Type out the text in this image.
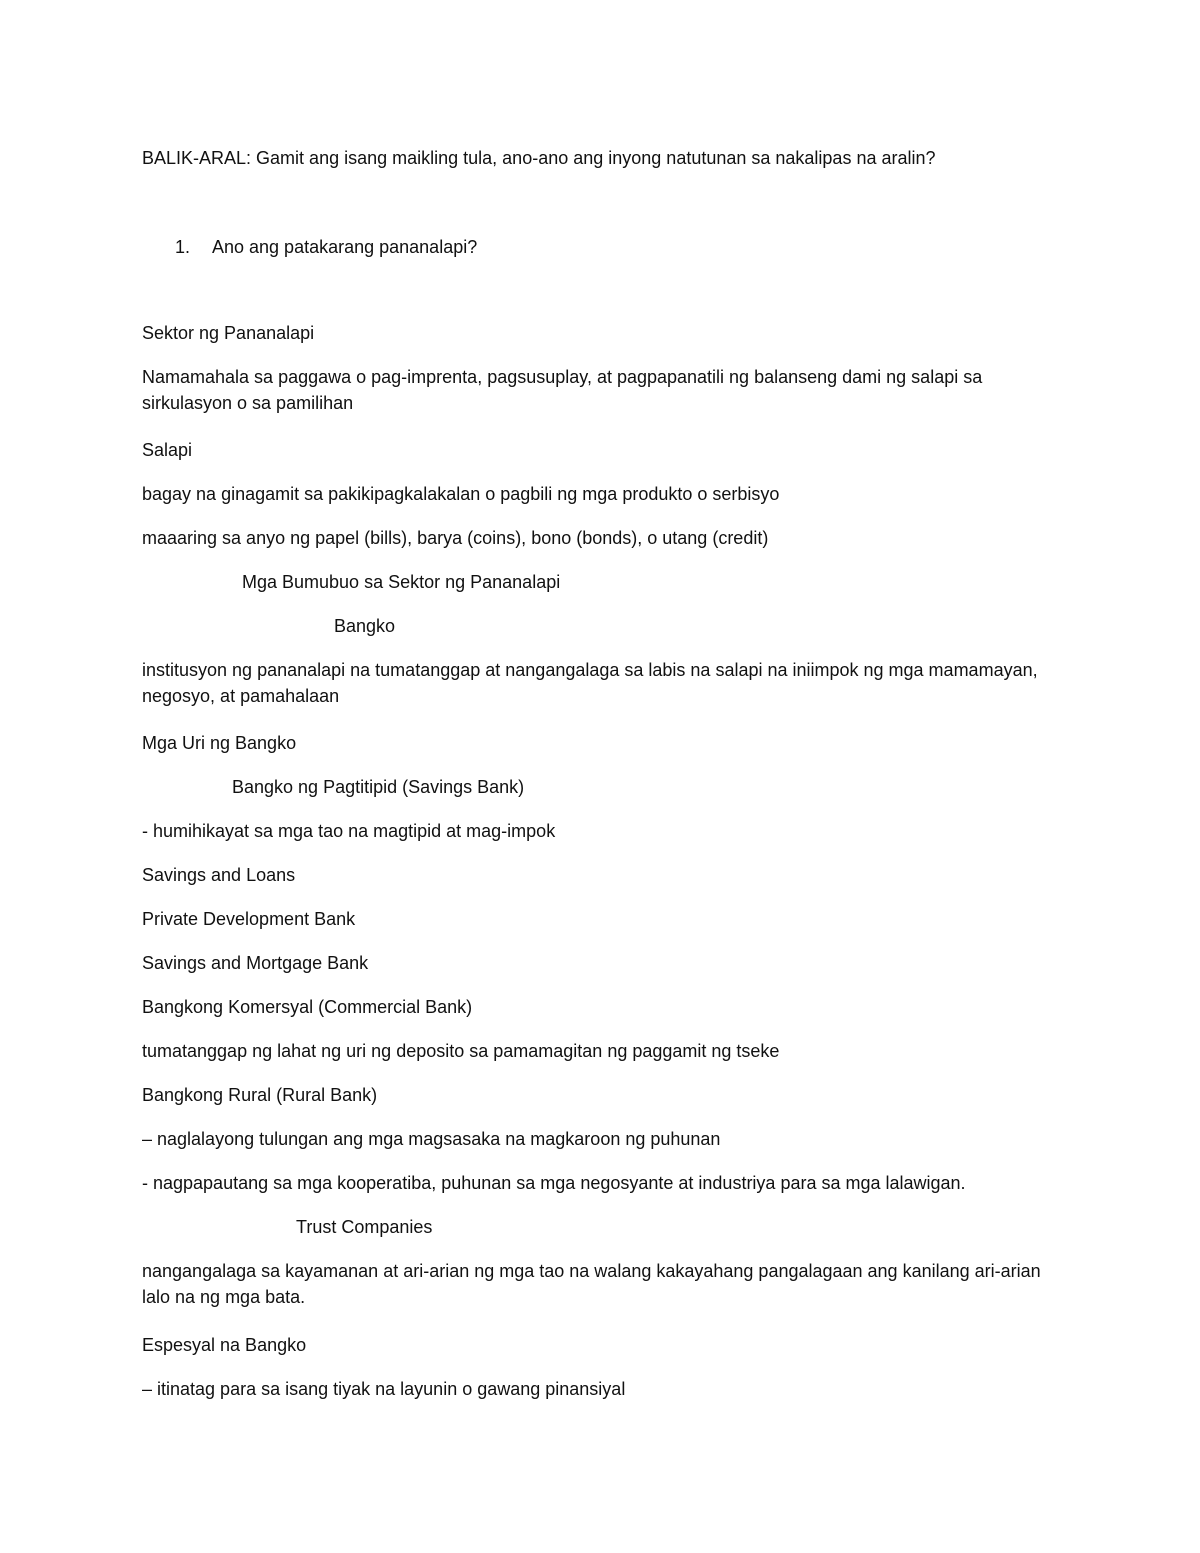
BALIK-ARAL: Gamit ang isang maikling tula, ano-ano ang inyong natutunan sa nakalipas na aralin?

1. Ano ang patakarang pananalapi?

Sektor ng Pananalapi

Namamahala sa paggawa o pag-imprenta, pagsusuplay, at pagpapanatili ng balanseng dami ng salapi sa sirkulasyon o sa pamilihan

Salapi

bagay na ginagamit sa pakikipagkalakalan o pagbili ng mga produkto o serbisyo

maaaring sa anyo ng papel (bills), barya (coins), bono (bonds), o utang (credit)

Mga Bumubuo sa Sektor ng Pananalapi

Bangko

institusyon ng pananalapi na tumatanggap at nangangalaga sa labis na salapi na iniimpok ng mga mamamayan, negosyo, at pamahalaan

Mga Uri ng Bangko

Bangko ng Pagtitipid (Savings Bank)

- humihikayat sa mga tao na magtipid at mag-impok

Savings and Loans

Private Development Bank

Savings and Mortgage Bank

Bangkong Komersyal (Commercial Bank)

tumatanggap ng lahat ng uri ng deposito sa pamamagitan ng paggamit ng tseke

Bangkong Rural (Rural Bank)

– naglalayong tulungan ang mga magsasaka na magkaroon ng puhunan

- nagpapautang sa mga kooperatiba, puhunan sa mga negosyante at industriya para sa mga lalawigan.

Trust Companies

nangangalaga sa kayamanan at ari-arian ng mga tao na walang kakayahang pangalagaan ang kanilang ari-arian lalo na ng mga bata.

Espesyal na Bangko

– itinatag para sa isang tiyak na layunin o gawang pinansiyal
